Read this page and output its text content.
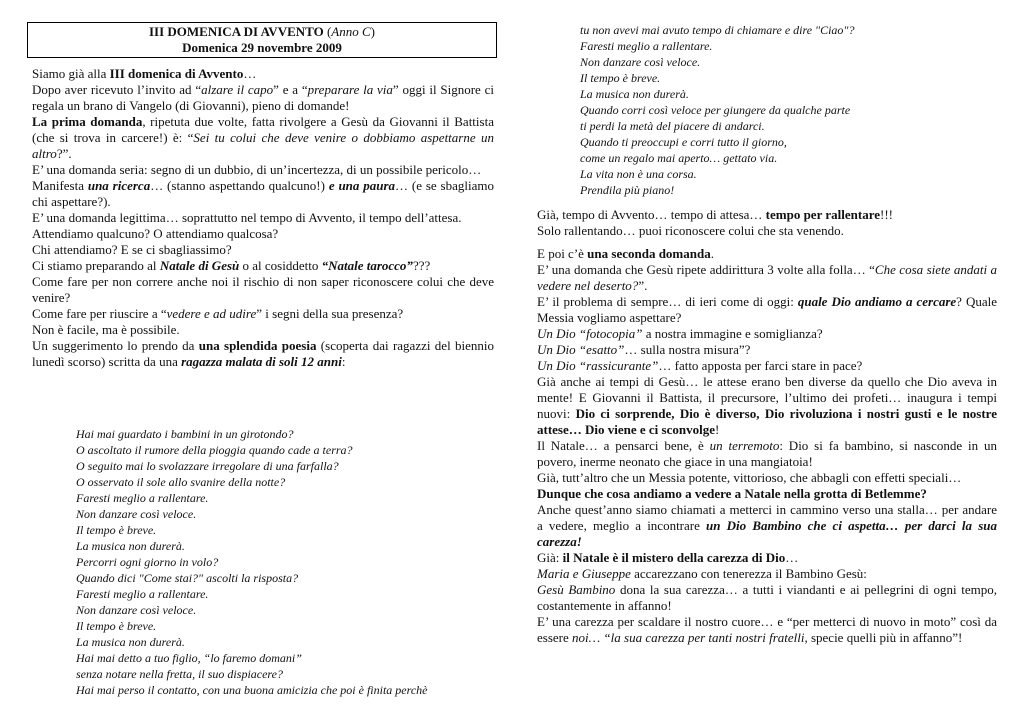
III DOMENICA DI AVVENTO (Anno C)
Domenica 29 novembre 2009

Siamo già alla III domenica di Avvento…

Dopo aver ricevuto l’invito ad “alzare il capo” e a “preparare la via” oggi il Signore ci regala un brano di Vangelo (di Giovanni), pieno di domande!

La prima domanda, ripetuta due volte, fatta rivolgere a Gesù da Giovanni il Battista (che si trova in carcere!) è: “Sei tu colui che deve venire o dobbiamo aspettarne un altro?”.

E’ una domanda seria: segno di un dubbio, di un’incertezza, di un possibile pericolo…

Manifesta una ricerca… (stanno aspettando qualcuno!) e una paura… (e se sbagliamo chi aspettare?).

E’ una domanda legittima… soprattutto nel tempo di Avvento, il tempo dell’attesa.

Attendiamo qualcuno? O attendiamo qualcosa?

Chi attendiamo? E se ci sbagliassimo?

Ci stiamo preparando al Natale di Gesù o al cosiddetto “Natale tarocco”???

Come fare per non correre anche noi il rischio di non saper riconoscere colui che deve venire?

Come fare per riuscire a “vedere e ad udire” i segni della sua presenza?

Non è facile, ma è possibile.

Un suggerimento lo prendo da una splendida poesia (scoperta dai ragazzi del biennio lunedì scorso) scritta da una ragazza malata di soli 12 anni:

Hai mai guardato i bambini in un girotondo?
O ascoltato il rumore della pioggia quando cade a terra?
O seguito mai lo svolazzare irregolare di una farfalla?
O osservato il sole allo svanire della notte?
Faresti meglio a rallentare.
Non danzare così veloce.
Il tempo è breve.
La musica non durerà.
Percorri ogni giorno in volo?
Quando dici "Come stai?" ascolti la risposta?
Faresti meglio a rallentare.
Non danzare così veloce.
Il tempo è breve.
La musica non durerà.
Hai mai detto a tuo figlio, “lo faremo domani”
senza notare nella fretta, il suo dispiacere?
Hai mai perso il contatto, con una buona amicizia che poi è finita perchè
tu non avevi mai avuto tempo di chiamare e dire "Ciao"?
Faresti meglio a rallentare.
Non danzare così veloce.
Il tempo è breve.
La musica non durerà.
Quando corri così veloce per giungere da qualche parte
ti perdi la metà del piacere di andarci.
Quando ti preoccupi e corri tutto il giorno,
come un regalo mai aperto… gettato via.
La vita non è una corsa.
Prendila più piano!

Già, tempo di Avvento… tempo di attesa… tempo per rallentare!!!

Solo rallentando… puoi riconoscere colui che sta venendo.

E poi c’è una seconda domanda.

E’ una domanda che Gesù ripete addirittura 3 volte alla folla… “Che cosa siete andati a vedere nel deserto?”.

E’ il problema di sempre… di ieri come di oggi: quale Dio andiamo a cercare? Quale Messia vogliamo aspettare?

Un Dio “fotocopia” a nostra immagine e somiglianza?

Un Dio “esatto”… sulla nostra misura”?

Un Dio “rassicurante”… fatto apposta per farci stare in pace?

Già anche ai tempi di Gesù… le attese erano ben diverse da quello che Dio aveva in mente! E Giovanni il Battista, il precursore, l’ultimo dei profeti… inaugura i tempi nuovi: Dio ci sorprende, Dio è diverso, Dio rivoluziona i nostri gusti e le nostre attese… Dio viene e ci sconvolge!

Il Natale… a pensarci bene, è un terremoto: Dio si fa bambino, si nasconde in un povero, inerme neonato che giace in una mangiatoia!

Già, tutt’altro che un Messia potente, vittorioso, che abbagli con effetti speciali…

Dunque che cosa andiamo a vedere a Natale nella grotta di Betlemme?

Anche quest’anno siamo chiamati a metterci in cammino verso una stalla… per andare a vedere, meglio a incontrare un Dio Bambino che ci aspetta… per darci la sua carezza!

Già: il Natale è il mistero della carezza di Dio…

Maria e Giuseppe accarezzano con tenerezza il Bambino Gesù:

Gesù Bambino dona la sua carezza… a tutti i viandanti e ai pellegrini di ogni tempo, costantemente in affanno!

E’ una carezza per scaldare il nostro cuore… e “per metterci di nuovo in moto” così da essere noi… “la sua carezza per tanti nostri fratelli, specie quelli più in affanno”!
